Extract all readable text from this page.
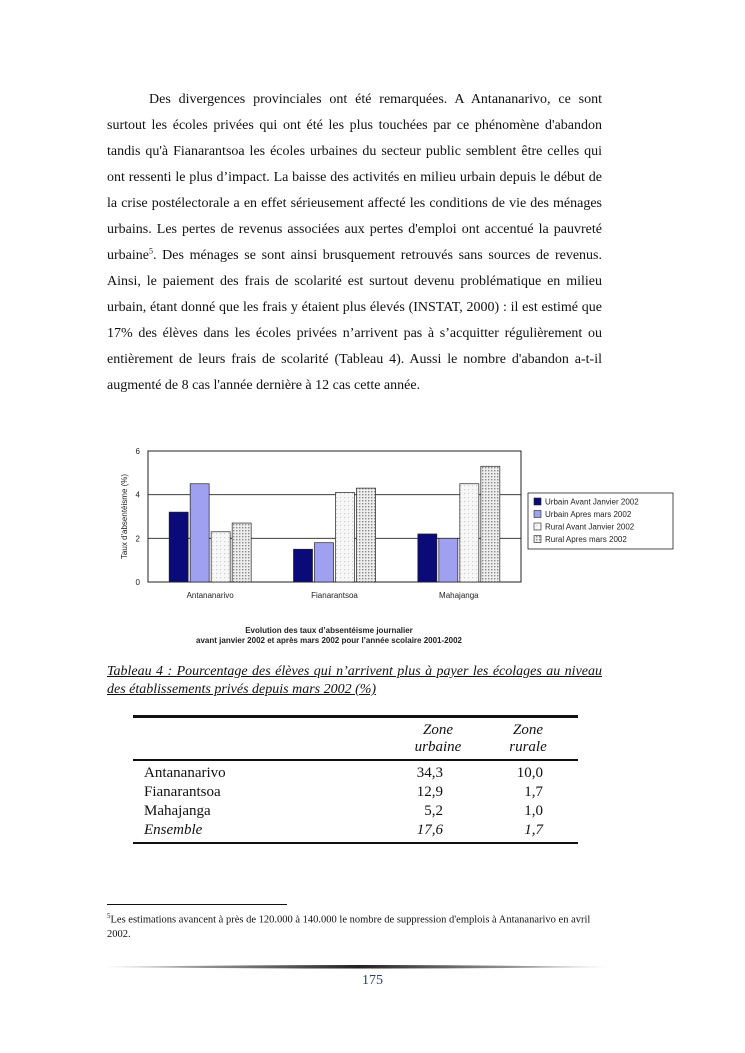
Des divergences provinciales ont été remarquées. A Antananarivo, ce sont surtout les écoles privées qui ont été les plus touchées par ce phénomène d'abandon tandis qu'à Fianarantsoa les écoles urbaines du secteur public semblent être celles qui ont ressenti le plus d’impact. La baisse des activités en milieu urbain depuis le début de la crise postélectorale a en effet sérieusement affecté les conditions de vie des ménages urbains. Les pertes de revenus associées aux pertes d'emploi ont accentué la pauvreté urbaine$^5$. Des ménages se sont ainsi brusquement retrouvés sans sources de revenus. Ainsi, le paiement des frais de scolarité est surtout devenu problématique en milieu urbain, étant donné que les frais y étaient plus élevés (INSTAT, 2000) : il est estimé que 17% des élèves dans les écoles privées n’arrivent pas à s’acquitter régulièrement ou entièrement de leurs frais de scolarité (Tableau 4). Aussi le nombre d'abandon a-t-il augmenté de 8 cas l'année dernière à 12 cas cette année.

0
2
4
6
Taux d'absentéisme (%)
Antananarivo	Fianarantsoa	Mahajanga
Urbain Avant Janvier 2002
Urbain Apres mars 2002
Rural Avant Janvier 2002
Rural Apres mars 2002
Evolution des taux d’absentéisme journalier
avant janvier 2002 et après mars 2002 pour l’année scolaire 2001-2002
Tableau 4 : Pourcentage des élèves qui n’arrivent plus à payer les écolages au niveau des établissements privés depuis mars 2002 (%)
Zone
urbaine
Zone
rurale
Antananarivo	34,3	10,0
Fianarantsoa	12,9	1,7
Mahajanga	5,2	1,0
Ensemble	17,6	1,7
$^5$Les estimations avancent à près de 120.000 à 140.000 le nombre de suppression d'emplois à Antananarivo en avril 2002.
175
